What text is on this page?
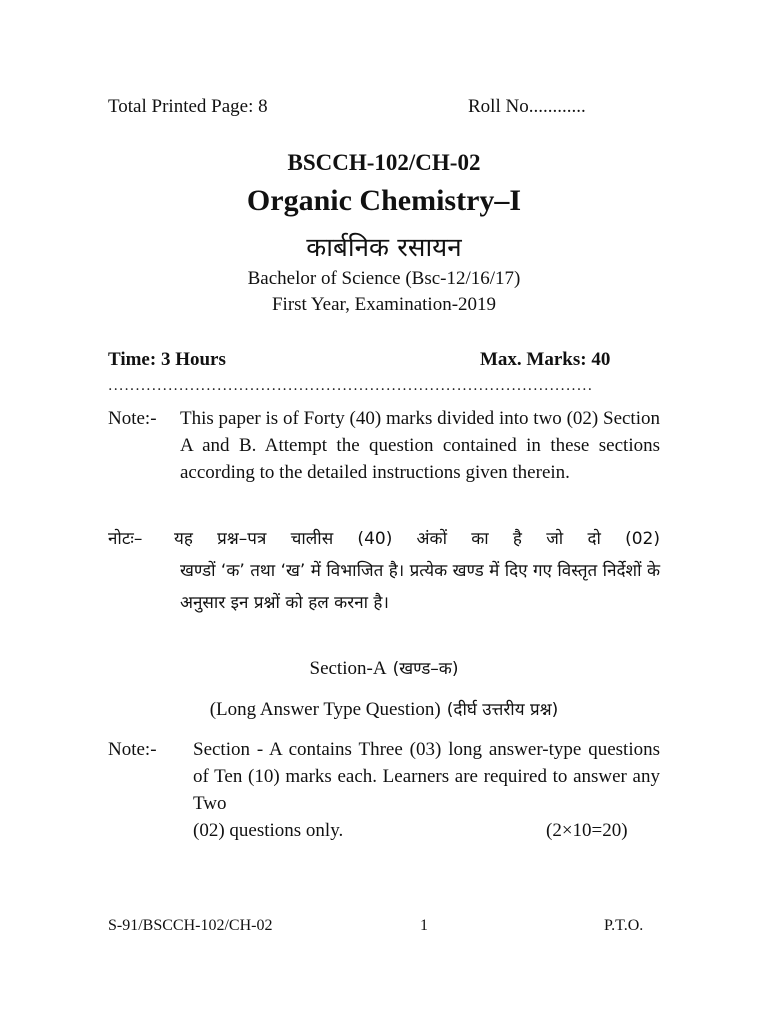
Total Printed Page: 8	Roll No............
BSCCH-102/CH-02
Organic Chemistry–I
कार्बनिक रसायन
Bachelor of Science (Bsc-12/16/17)
First Year, Examination-2019
Time: 3 Hours	Max. Marks: 40
.........................................................................................
Note:- This paper is of Forty (40) marks divided into two (02) Section A and B. Attempt the question contained in these sections according to the detailed instructions given therein.
नोटः– यह प्रश्न–पत्र चालीस (40) अंकों का है जो दो (02)
खण्डों ‘क’ तथा ‘ख’ में विभाजित है। प्रत्येक खण्ड में दिए गए विस्तृत निर्देशों के अनुसार इन प्रश्नों को हल करना है।
Section-A (खण्ड–क)
(Long Answer Type Question) (दीर्घ उत्तरीय प्रश्न)
Note:- Section - A contains Three (03) long answer-type questions of Ten (10) marks each. Learners are required to answer any Two
(02) questions only.	(2×10=20)
S-91/BSCCH-102/CH-02	1	P.T.O.
